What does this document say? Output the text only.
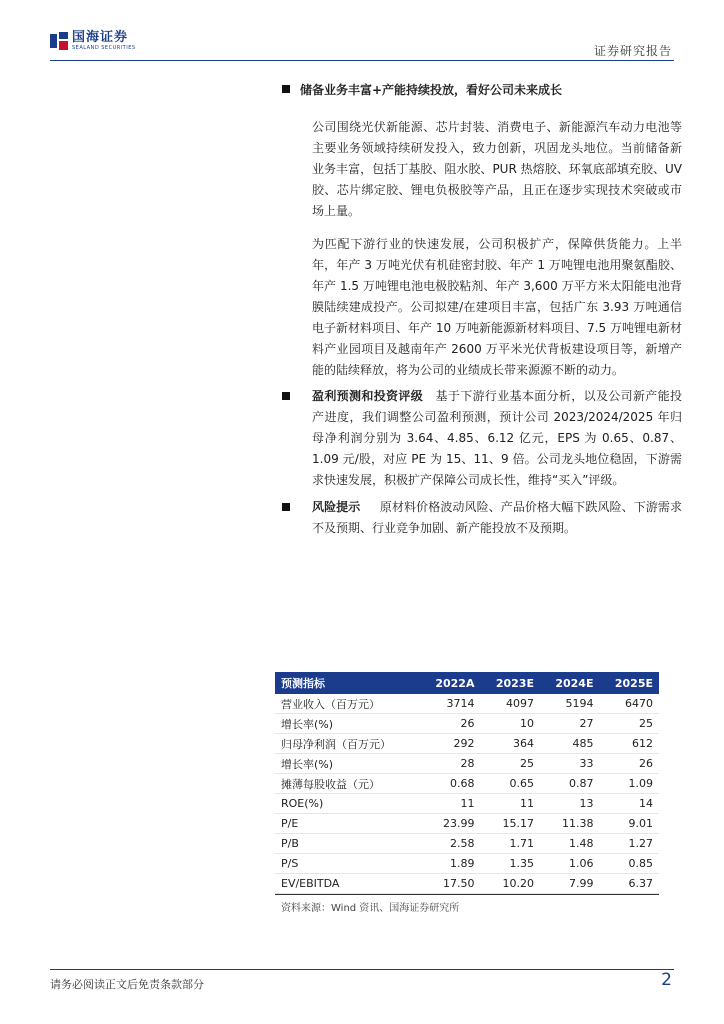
国海证券
SEALAND SECURITIES	证券研究报告
储备业务丰富+产能持续投放，看好公司未来成长

公司围绕光伏新能源、芯片封装、消费电子、新能源汽车动力电池等主要业务领域持续研发投入，致力创新，巩固龙头地位。当前储备新业务丰富，包括丁基胶、阻水胶、PUR 热熔胶、环氧底部填充胶、UV 胶、芯片绑定胶、锂电负极胶等产品，且正在逐步实现技术突破或市场上量。

为匹配下游行业的快速发展，公司积极扩产，保障供货能力。上半年，年产 3 万吨光伏有机硅密封胶、年产 1 万吨锂电池用聚氨酯胶、年产 1.5 万吨锂电池电极胶粘剂、年产 3,600 万平方米太阳能电池背膜陆续建成投产。公司拟建/在建项目丰富，包括广东 3.93 万吨通信电子新材料项目、年产 10 万吨新能源新材料项目、7.5 万吨锂电新材料产业园项目及越南年产 2600 万平米光伏背板建设项目等，新增产能的陆续释放，将为公司的业绩成长带来源源不断的动力。

盈利预测和投资评级 基于下游行业基本面分析，以及公司新产能投产进度，我们调整公司盈利预测，预计公司 2023/2024/2025 年归母净利润分别为 3.64、4.85、6.12 亿元，EPS 为 0.65、0.87、1.09 元/股，对应 PE 为 15、11、9 倍。公司龙头地位稳固，下游需求快速发展，积极扩产保障公司成长性，维持“买入”评级。

风险提示 原材料价格波动风险、产品价格大幅下跌风险、下游需求不及预期、行业竞争加剧、新产能投放不及预期。

预测指标	2022A	2023E	2024E	2025E
营业收入（百万元）	3714	4097	5194	6470
增长率(%)	26	10	27	25
归母净利润（百万元）	292	364	485	612
增长率(%)	28	25	33	26
摊薄每股收益（元）	0.68	0.65	0.87	1.09
ROE(%)	11	11	13	14
P/E	23.99	15.17	11.38	9.01
P/B	2.58	1.71	1.48	1.27
P/S	1.89	1.35	1.06	0.85
EV/EBITDA	17.50	10.20	7.99	6.37
资料来源：Wind 资讯、国海证券研究所
请务必阅读正文后免责条款部分	2
